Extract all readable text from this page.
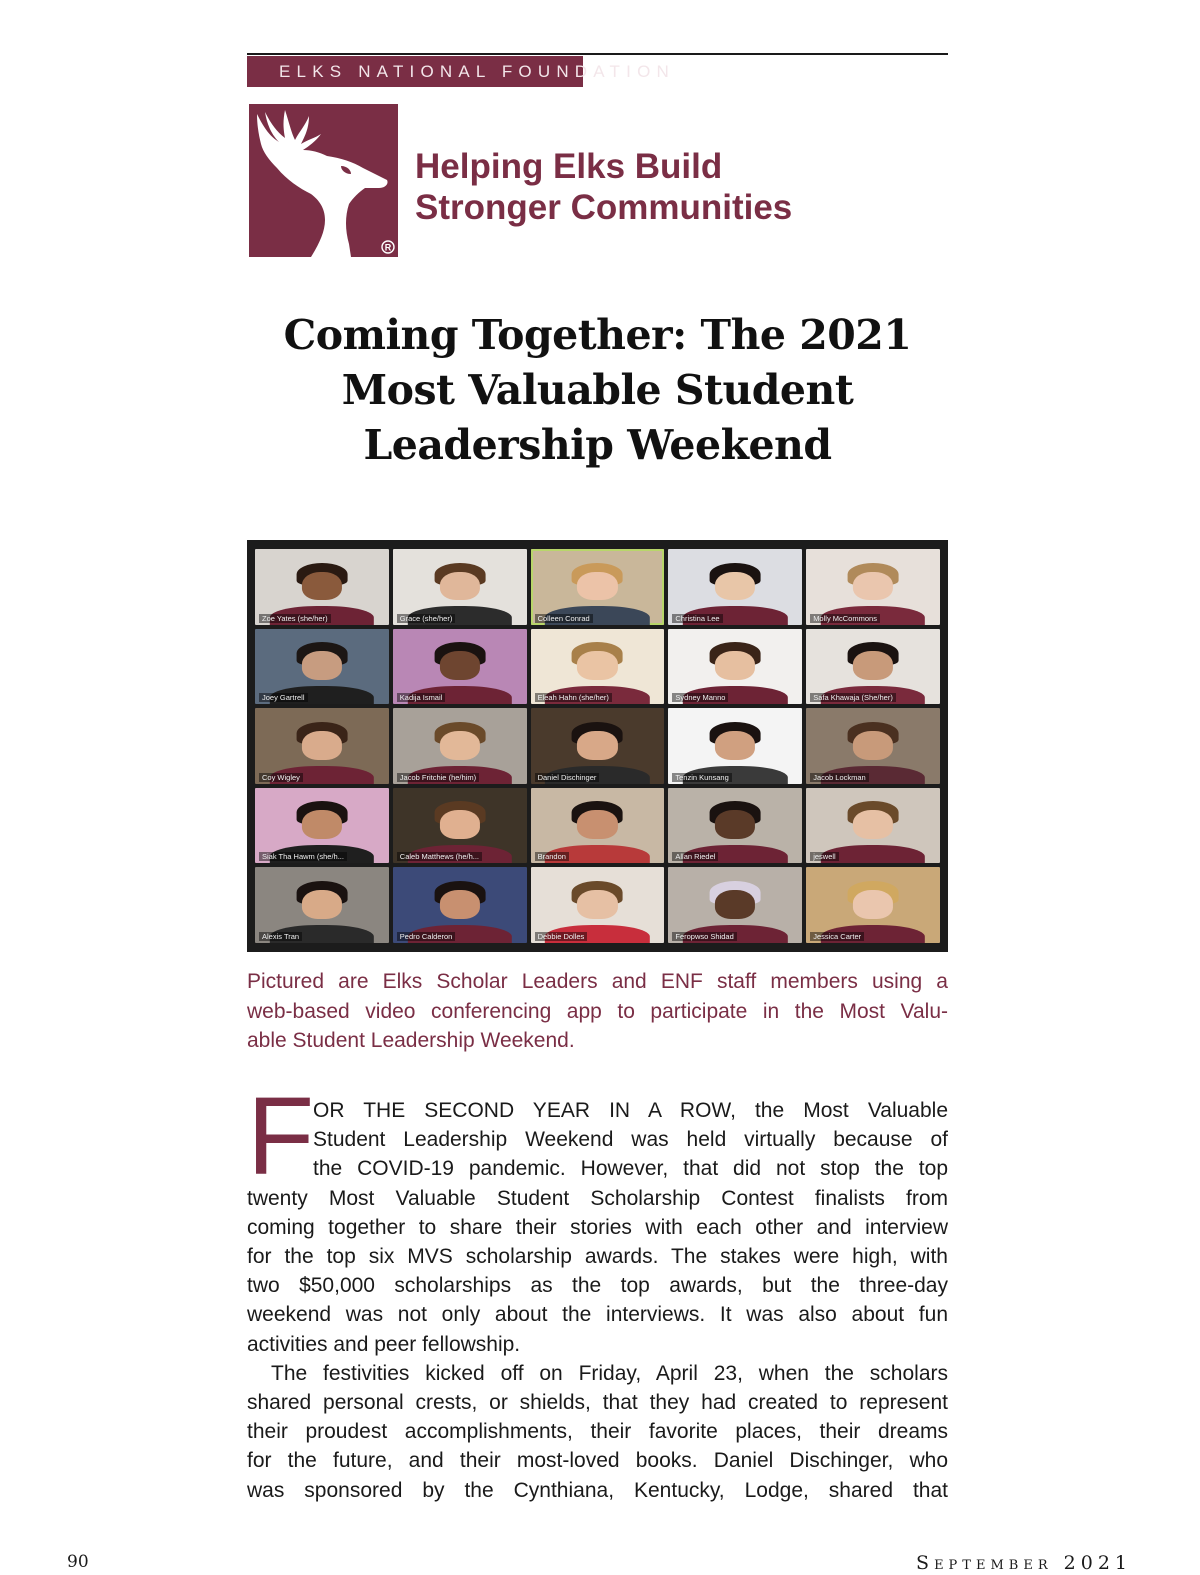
ELKS NATIONAL FOUNDATION
R
Helping Elks Build
Stronger Communities
Coming Together: The 2021
Most Valuable Student
Leadership Weekend
Zoe Yates (she/her)	Grace (she/her)	Colleen Conrad	Christina Lee	Molly McCommons
Joey Gartrell	Kadija Ismail	Eleah Hahn (she/her)	Sydney Manno	Safa Khawaja (She/her)
Coy Wigley	Jacob Fritchie (he/him)	Daniel Dischinger	Tenzin Kunsang	Jacob Lockman
Siak Tha Hawm (she/h...	Caleb Matthews (he/h...	Brandon	Allan Riedel	jeswell
Alexis Tran	Pedro Calderon	Debbie Dolles	Feropwso Shidad	Jessica Carter
Pictured are Elks Scholar Leaders and ENF staff members using a
web-based video conferencing app to participate in the Most Valu-
able Student Leadership Weekend.
F
OR THE SECOND YEAR IN A ROW, the Most Valuable
Student Leadership Weekend was held virtually because of
the COVID-19 pandemic. However, that did not stop the top
twenty Most Valuable Student Scholarship Contest finalists from
coming together to share their stories with each other and interview
for the top six MVS scholarship awards. The stakes were high, with
two $50,000 scholarships as the top awards, but the three-day
weekend was not only about the interviews. It was also about fun
activities and peer fellowship.
The festivities kicked off on Friday, April 23, when the scholars
shared personal crests, or shields, that they had created to represent
their proudest accomplishments, their favorite places, their dreams
for the future, and their most-loved books. Daniel Dischinger, who
was sponsored by the Cynthiana, Kentucky, Lodge, shared that
90	September 2021
